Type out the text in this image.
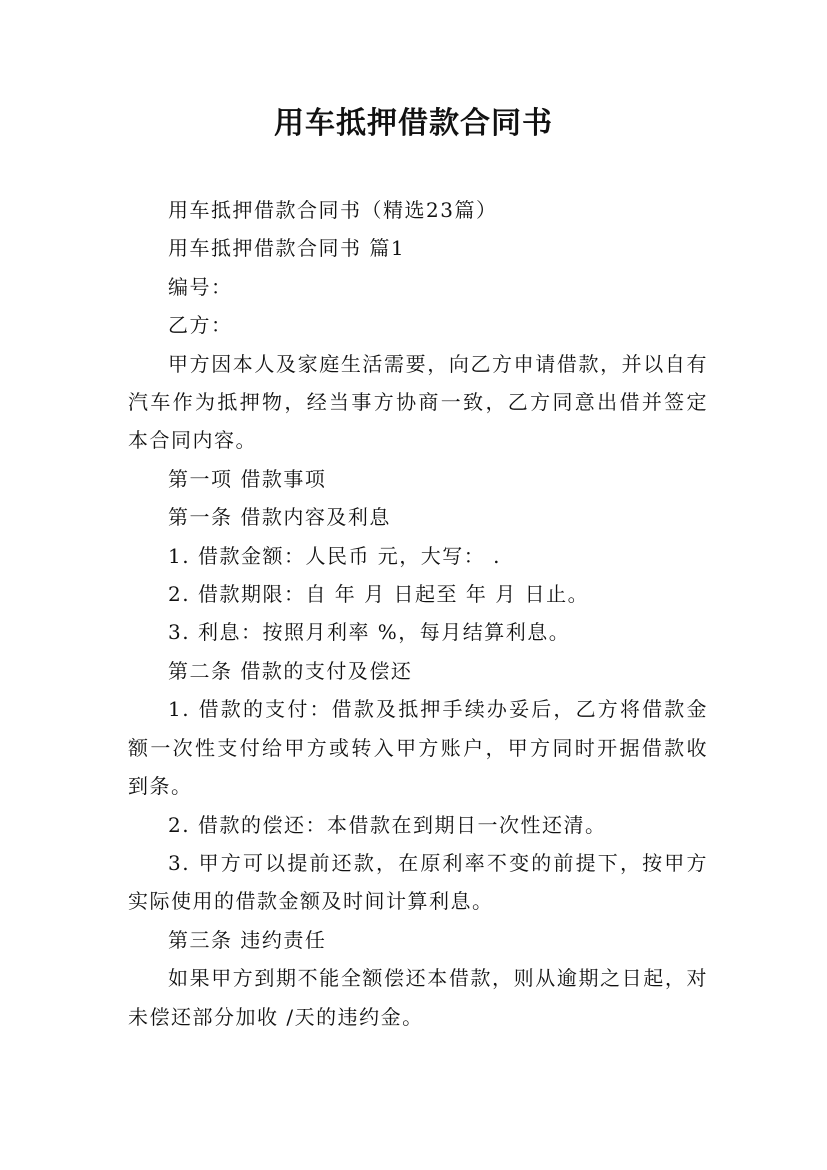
用车抵押借款合同书

用车抵押借款合同书（精选23篇）

用车抵押借款合同书 篇1

编号：

乙方：

甲方因本人及家庭生活需要，向乙方申请借款，并以自有汽车作为抵押物，经当事方协商一致，乙方同意出借并签定本合同内容。

第一项 借款事项

第一条 借款内容及利息

1. 借款金额：人民币 元，大写： .

2. 借款期限：自 年 月 日起至 年 月 日止。

3. 利息：按照月利率 %，每月结算利息。

第二条 借款的支付及偿还

1. 借款的支付：借款及抵押手续办妥后，乙方将借款金额一次性支付给甲方或转入甲方账户，甲方同时开据借款收到条。

2. 借款的偿还：本借款在到期日一次性还清。

3. 甲方可以提前还款，在原利率不变的前提下，按甲方实际使用的借款金额及时间计算利息。

第三条 违约责任

如果甲方到期不能全额偿还本借款，则从逾期之日起，对未偿还部分加收 /天的违约金。
